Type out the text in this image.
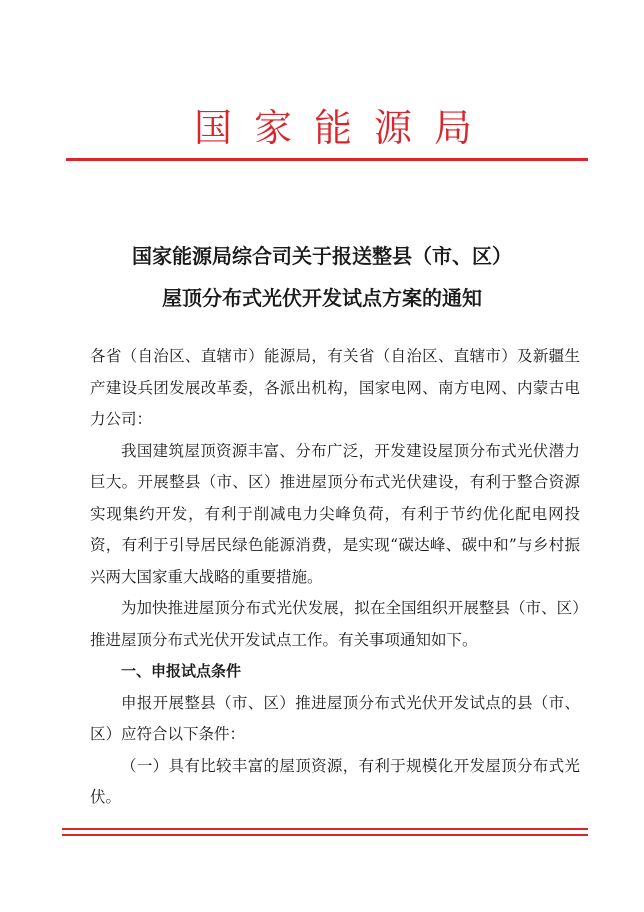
国家能源局
国家能源局综合司关于报送整县（市、区）
屋顶分布式光伏开发试点方案的通知

各省（自治区、直辖市）能源局，有关省（自治区、直辖市）及新疆生产建设兵团发展改革委，各派出机构，国家电网、南方电网、内蒙古电力公司：

我国建筑屋顶资源丰富、分布广泛，开发建设屋顶分布式光伏潜力巨大。开展整县（市、区）推进屋顶分布式光伏建设，有利于整合资源实现集约开发，有利于削减电力尖峰负荷，有利于节约优化配电网投资，有利于引导居民绿色能源消费，是实现“碳达峰、碳中和”与乡村振兴两大国家重大战略的重要措施。

为加快推进屋顶分布式光伏发展，拟在全国组织开展整县（市、区）推进屋顶分布式光伏开发试点工作。有关事项通知如下。

一、申报试点条件

申报开展整县（市、区）推进屋顶分布式光伏开发试点的县（市、区）应符合以下条件：

（一）具有比较丰富的屋顶资源，有利于规模化开发屋顶分布式光伏。
